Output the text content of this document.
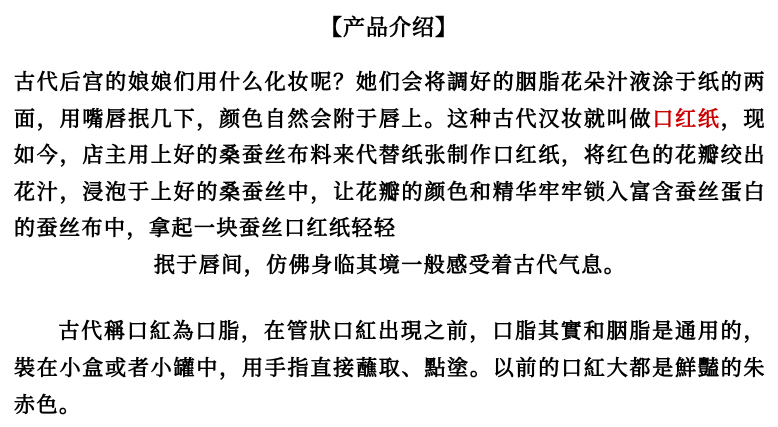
【产品介绍】
古代后宫的娘娘们用什么化妆呢？她们会将調好的胭脂花朵汁液涂于纸的两面，用嘴唇抿几下，颜色自然会附于唇上。这种古代汉妆就叫做口红纸，现如今，店主用上好的桑蚕丝布料来代替纸张制作口红纸，将红色的花瓣绞出花汁，浸泡于上好的桑蚕丝中，让花瓣的颜色和精华牢牢锁入富含蚕丝蛋白的蚕丝布中，拿起一块蚕丝口红纸轻轻
抿于唇间，仿佛身临其境一般感受着古代气息。
古代稱口紅為口脂，在管狀口紅出現之前，口脂其實和胭脂是通用的，裝在小盒或者小罐中，用手指直接蘸取、點塗。以前的口紅大都是鮮豔的朱赤色。
